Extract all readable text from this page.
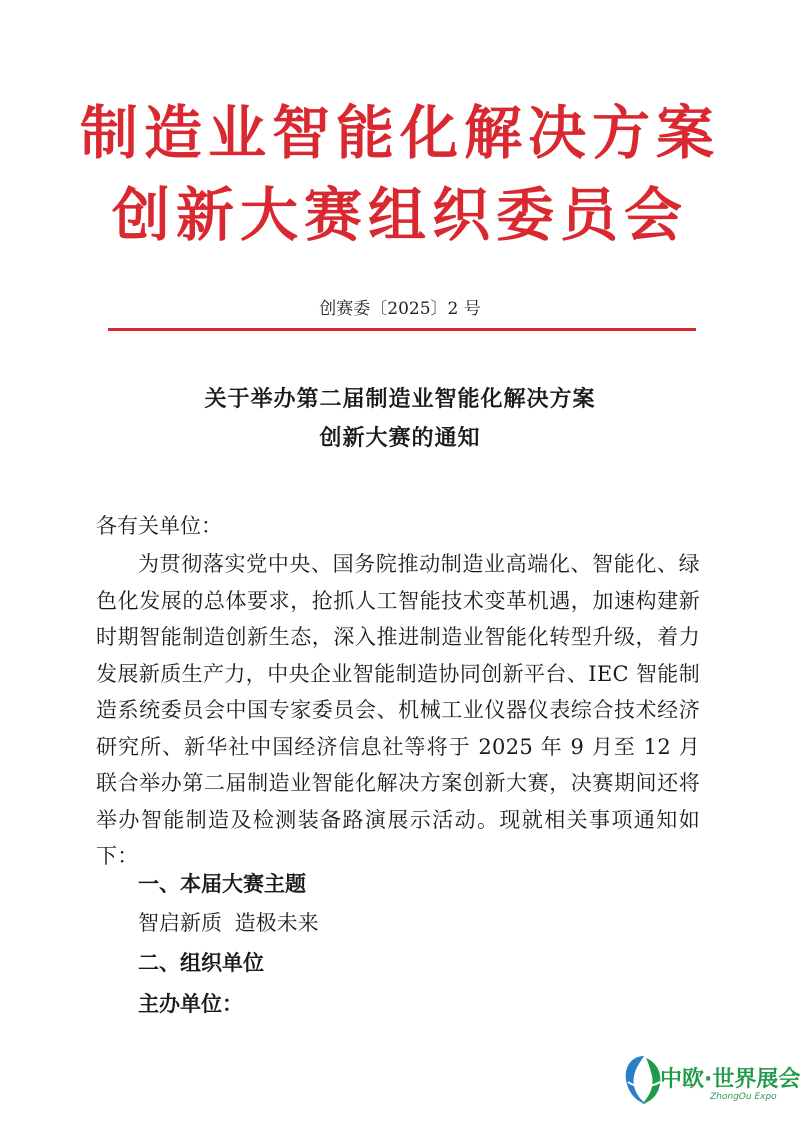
制造业智能化解决方案
创新大赛组织委员会
创赛委〔2025〕2 号
关于举办第二届制造业智能化解决方案
创新大赛的通知
各有关单位：
为贯彻落实党中央、国务院推动制造业高端化、智能化、绿色化发展的总体要求，抢抓人工智能技术变革机遇，加速构建新时期智能制造创新生态，深入推进制造业智能化转型升级，着力发展新质生产力，中央企业智能制造协同创新平台、IEC 智能制造系统委员会中国专家委员会、机械工业仪器仪表综合技术经济研究所、新华社中国经济信息社等将于 2025 年 9 月至 12 月联合举办第二届制造业智能化解决方案创新大赛，决赛期间还将举办智能制造及检测装备路演展示活动。现就相关事项通知如下：
一、本届大赛主题
智启新质 造极未来
二、组织单位
主办单位：
中欧·世界展会
ZhongOu Expo
